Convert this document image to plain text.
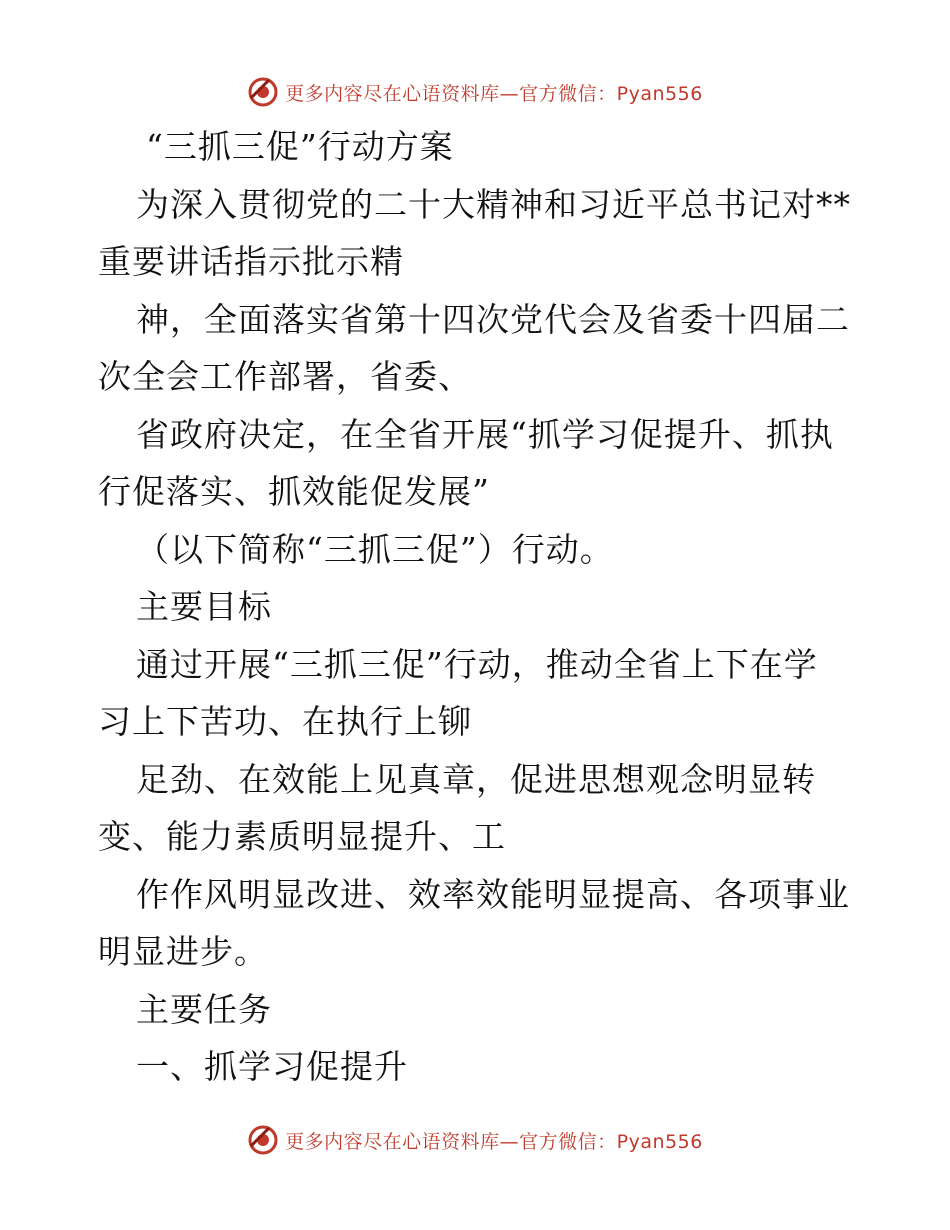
更多内容尽在心语资料库—官方微信：Pyan556
“三抓三促”行动方案
为深入贯彻党的二十大精神和习近平总书记对**
重要讲话指示批示精
神，全面落实省第十四次党代会及省委十四届二
次全会工作部署，省委、
省政府决定，在全省开展“抓学习促提升、抓执
行促落实、抓效能促发展”
（以下简称“三抓三促”）行动。
主要目标
通过开展“三抓三促”行动，推动全省上下在学
习上下苦功、在执行上铆
足劲、在效能上见真章，促进思想观念明显转
变、能力素质明显提升、工
作作风明显改进、效率效能明显提高、各项事业
明显进步。
主要任务
一、抓学习促提升
更多内容尽在心语资料库—官方微信：Pyan556
